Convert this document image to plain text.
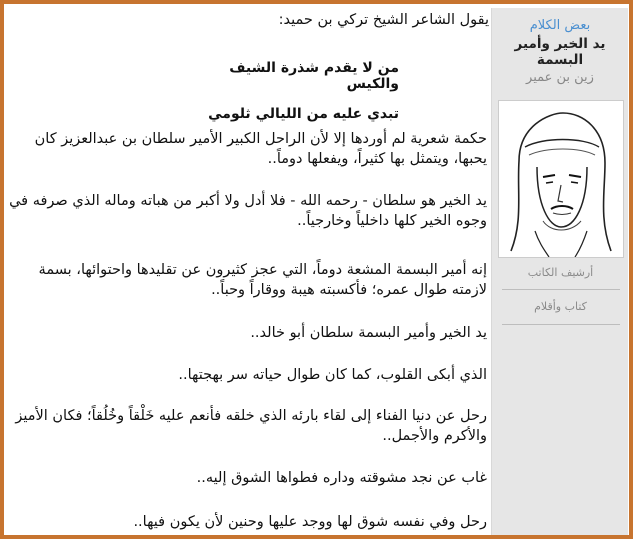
يقول الشاعر الشيخ تركي بن حميد:

من لا يقدم شذرة الشيف
والكيس

تبدي عليه من الليالي ثلومي

حكمة شعرية لم أوردها إلا لأن الراحل الكبير الأمير سلطان بن عبدالعزيز كان يحبها، ويتمثل بها كثيراً، ويفعلها دوماً..

يد الخير هو سلطان - رحمه الله - فلا أدل ولا أكبر من هباته وماله الذي صرفه في وجوه الخير كلها داخلياً وخارجياً..

إنه أمير البسمة المشعة دوماً، التي عجز كثيرون عن تقليدها واحتوائها، بسمة لازمته طوال عمره؛ فأكسبته هيبة ووقاراً وحباً..

يد الخير وأمير البسمة سلطان أبو خالد..

الذي أبكى القلوب، كما كان طوال حياته سر بهجتها..

رحل عن دنيا الفناء إلى لقاء بارئه الذي خلقه فأنعم عليه خَلْقاً وخُلُقاً؛ فكان الأميز والأكرم والأجمل..

غاب عن نجد مشوقته وداره فطواها الشوق إليه..

رحل وفي نفسه شوق لها ووجد عليها وحنين لأن يكون فيها..

بعض الكلام
يد الخير وأمير البسمة
زين بن عمير
أرشيف الكاتب
كتاب وأقلام
